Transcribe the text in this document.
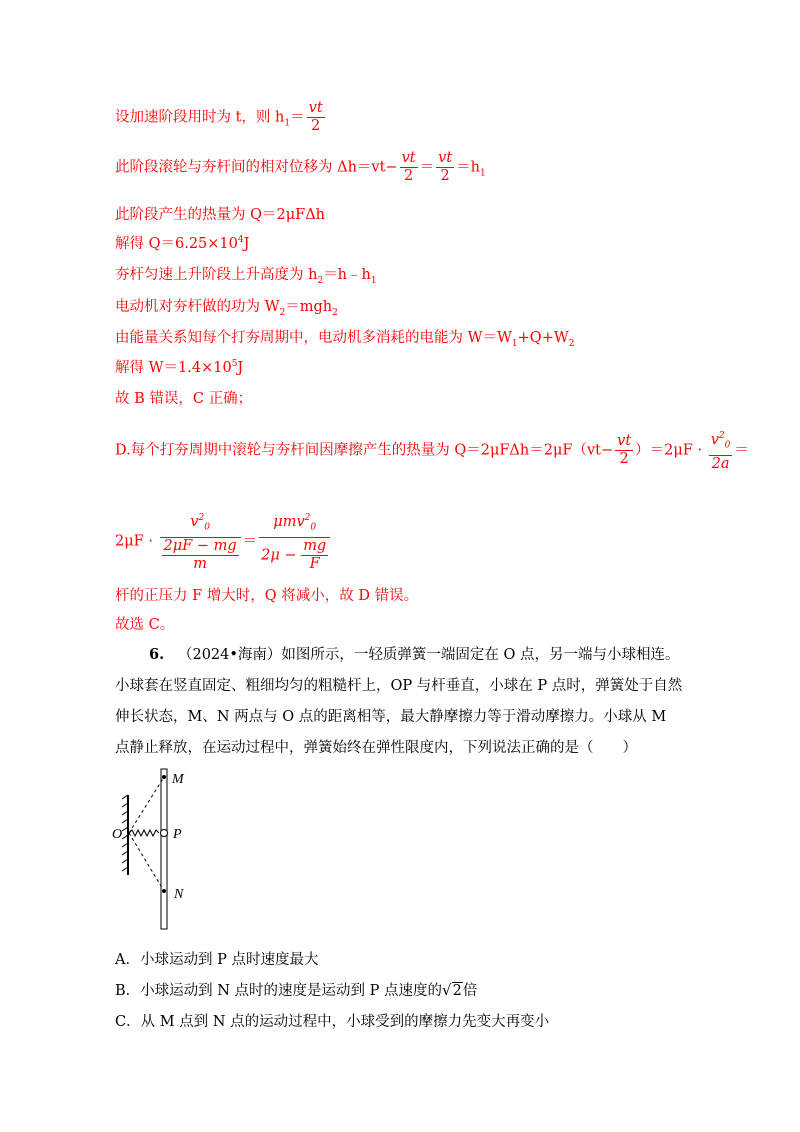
设加速阶段用时为 t，则 $h_1= \frac{vt}{2}$
此阶段滚轮与夯杆间的相对位移为 $\Delta h=vt- \frac{vt}{2} = \frac{vt}{2} =h_1$
此阶段产生的热量为 Q＝2μFΔh
解得 $Q=6.25\times 10^4J$
夯杆匀速上升阶段上升高度为 $h_2=h﹣h_1$
电动机对夯杆做的功为 $W_2=mgh_2$
由能量关系知每个打夯周期中，电动机多消耗的电能为 $W=W_1+Q+W_2$
解得 $W=1.4\times 10^5J$
故 B 错误，C 正确；
D.每个打夯周期中滚轮与夯杆间因摩擦产生的热量为 $Q=2\mu F\Delta h=2\mu F(vt- \frac{vt}{2} )=2\mu F \cdot \frac{v^2_0}{2a}$ ＝
$2\mu F \cdot \frac{v^2_0}{\frac{2\mu F - mg}{m}} = \frac{\mu mv^2_0}{2\mu - \frac{mg}{F}}$
杆的正压力 F 增大时，Q 将减小，故 D 错误。
故选 C。
6. （2024•海南）如图所示，一轻质弹簧一端固定在 O 点，另一端与小球相连。小球套在竖直固定、粗细均匀的粗糙杆上，OP 与杆垂直，小球在 P 点时，弹簧处于自然伸长状态，M、N 两点与 O 点的距离相等，最大静摩擦力等于滑动摩擦力。小球从 M 点静止释放，在运动过程中，弹簧始终在弹性限度内，下列说法正确的是（　　）
M
O	P
N
A．小球运动到 P 点时速度最大
B．小球运动到 N 点时的速度是运动到 P 点速度的√2倍
C．从 M 点到 N 点的运动过程中，小球受到的摩擦力先变大再变小
